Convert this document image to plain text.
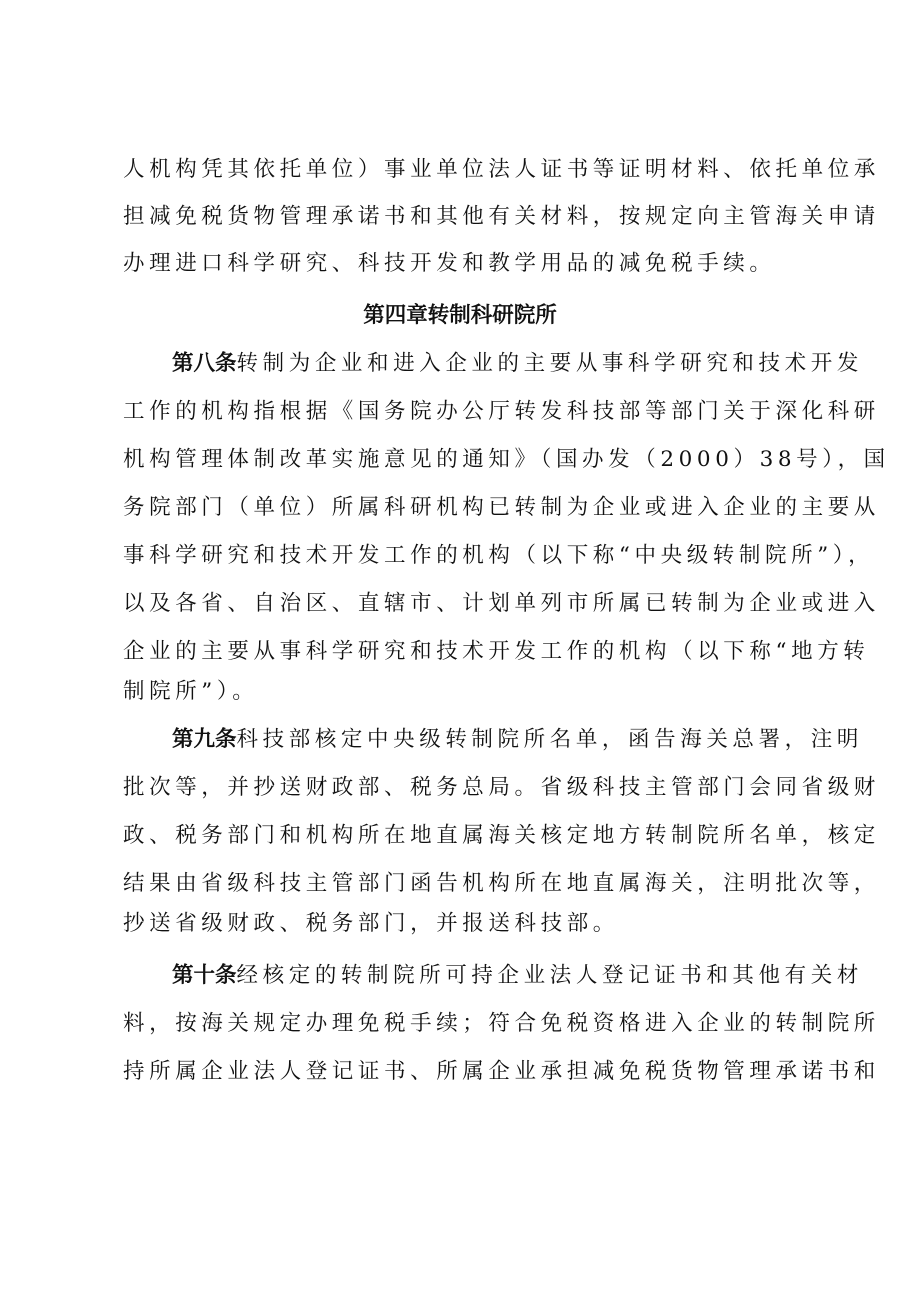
人机构凭其依托单位）事业单位法人证书等证明材料、依托单位承
担减免税货物管理承诺书和其他有关材料，按规定向主管海关申请
办理进口科学研究、科技开发和教学用品的减免税手续。
第四章转制科研院所
第八条转制为企业和进入企业的主要从事科学研究和技术开发
工作的机构指根据《国务院办公厅转发科技部等部门关于深化科研
机构管理体制改革实施意见的通知》（国办发（2000）38号），国
务院部门（单位）所属科研机构已转制为企业或进入企业的主要从
事科学研究和技术开发工作的机构（以下称“中央级转制院所”），
以及各省、自治区、直辖市、计划单列市所属已转制为企业或进入
企业的主要从事科学研究和技术开发工作的机构（以下称“地方转
制院所”）。
第九条科技部核定中央级转制院所名单，函告海关总署，注明
批次等，并抄送财政部、税务总局。省级科技主管部门会同省级财
政、税务部门和机构所在地直属海关核定地方转制院所名单，核定
结果由省级科技主管部门函告机构所在地直属海关，注明批次等，
抄送省级财政、税务部门，并报送科技部。
第十条经核定的转制院所可持企业法人登记证书和其他有关材
料，按海关规定办理免税手续；符合免税资格进入企业的转制院所
持所属企业法人登记证书、所属企业承担减免税货物管理承诺书和
